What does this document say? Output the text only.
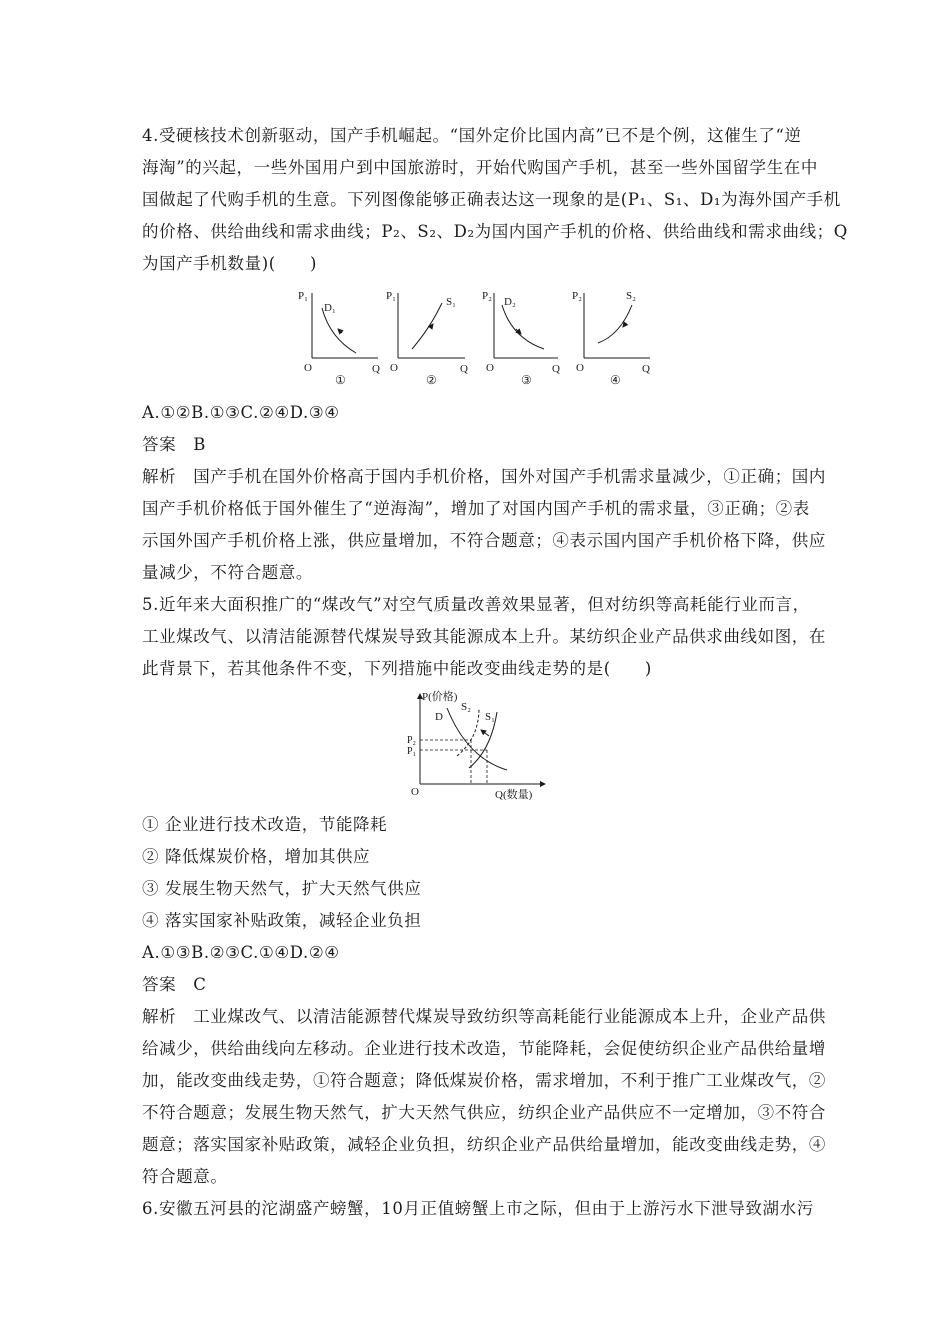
4.受硬核技术创新驱动，国产手机崛起。“国外定价比国内高”已不是个例，这催生了“逆
海淘”的兴起，一些外国用户到中国旅游时，开始代购国产手机，甚至一些外国留学生在中
国做起了代购手机的生意。下列图像能够正确表达这一现象的是(P₁、S₁、D₁为海外国产手机
的价格、供给曲线和需求曲线；P₂、S₂、D₂为国内国产手机的价格、供给曲线和需求曲线；Q
为国产手机数量)(　　)
P₁
D₁
O	Q
①
P₁	S₁
O	Q
②
P₂ D₂
O	Q
③
P₂	S₂
O	Q
④
A.①②B.①③C.②④D.③④
答案　B
解析　国产手机在国外价格高于国内手机价格，国外对国产手机需求量减少，①正确；国内
国产手机价格低于国外催生了“逆海淘”，增加了对国内国产手机的需求量，③正确；②表
示国外国产手机价格上涨，供应量增加，不符合题意；④表示国内国产手机价格下降，供应
量减少，不符合题意。
5.近年来大面积推广的“煤改气”对空气质量改善效果显著，但对纺织等高耗能行业而言，
工业煤改气、以清洁能源替代煤炭导致其能源成本上升。某纺织企业产品供求曲线如图，在
此背景下，若其他条件不变，下列措施中能改变曲线走势的是(　　)
P(价格)
D
S₂
S₁
P₂
P₁
O	Q(数量)
① 企业进行技术改造，节能降耗
② 降低煤炭价格，增加其供应
③ 发展生物天然气，扩大天然气供应
④ 落实国家补贴政策，减轻企业负担
A.①③B.②③C.①④D.②④
答案　C
解析　工业煤改气、以清洁能源替代煤炭导致纺织等高耗能行业能源成本上升，企业产品供
给减少，供给曲线向左移动。企业进行技术改造，节能降耗，会促使纺织企业产品供给量增
加，能改变曲线走势，①符合题意；降低煤炭价格，需求增加，不利于推广工业煤改气，②
不符合题意；发展生物天然气，扩大天然气供应，纺织企业产品供应不一定增加，③不符合
题意；落实国家补贴政策，减轻企业负担，纺织企业产品供给量增加，能改变曲线走势，④
符合题意。
6.安徽五河县的沱湖盛产螃蟹，10月正值螃蟹上市之际，但由于上游污水下泄导致湖水污
